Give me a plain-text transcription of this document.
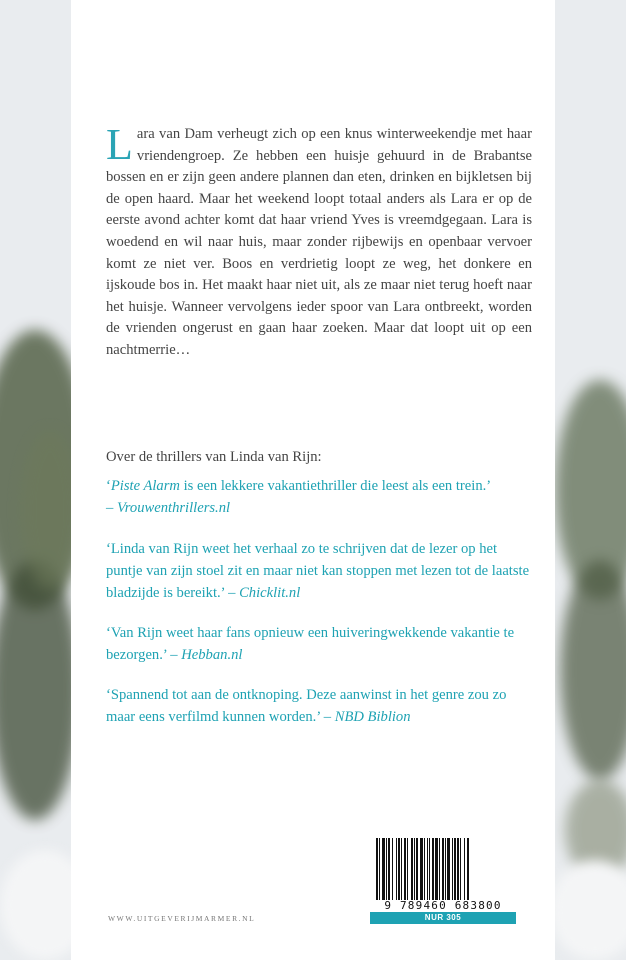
L ara van Dam verheugt zich op een knus winterweekendje met haar vriendengroep. Ze hebben een huisje gehuurd in de Brabantse bossen en er zijn geen andere plannen dan eten, drinken en bijkletsen bij de open haard. Maar het weekend loopt totaal anders als Lara er op de eerste avond achter komt dat haar vriend Yves is vreemdgegaan. Lara is woedend en wil naar huis, maar zonder rijbewijs en openbaar vervoer komt ze niet ver. Boos en verdrietig loopt ze weg, het donkere en ijskoude bos in. Het maakt haar niet uit, als ze maar niet terug hoeft naar het huisje. Wanneer vervolgens ieder spoor van Lara ontbreekt, worden de vrienden ongerust en gaan haar zoeken. Maar dat loopt uit op een nachtmerrie…
Over de thrillers van Linda van Rijn:
‘Piste Alarm is een lekkere vakantiethriller die leest als een trein.’
– Vrouwenthrillers.nl
‘Linda van Rijn weet het verhaal zo te schrijven dat de lezer op het puntje van zijn stoel zit en maar niet kan stoppen met lezen tot de laatste bladzijde is bereikt.’ – Chicklit.nl
‘Van Rijn weet haar fans opnieuw een huiveringwekkende vakantie te bezorgen.’ – Hebban.nl
‘Spannend tot aan de ontknoping. Deze aanwinst in het genre zou zo maar eens verfilmd kunnen worden.’ – NBD Biblion
9 789460 683800
NUR 305
WWW.UITGEVERIJMARMER.NL
